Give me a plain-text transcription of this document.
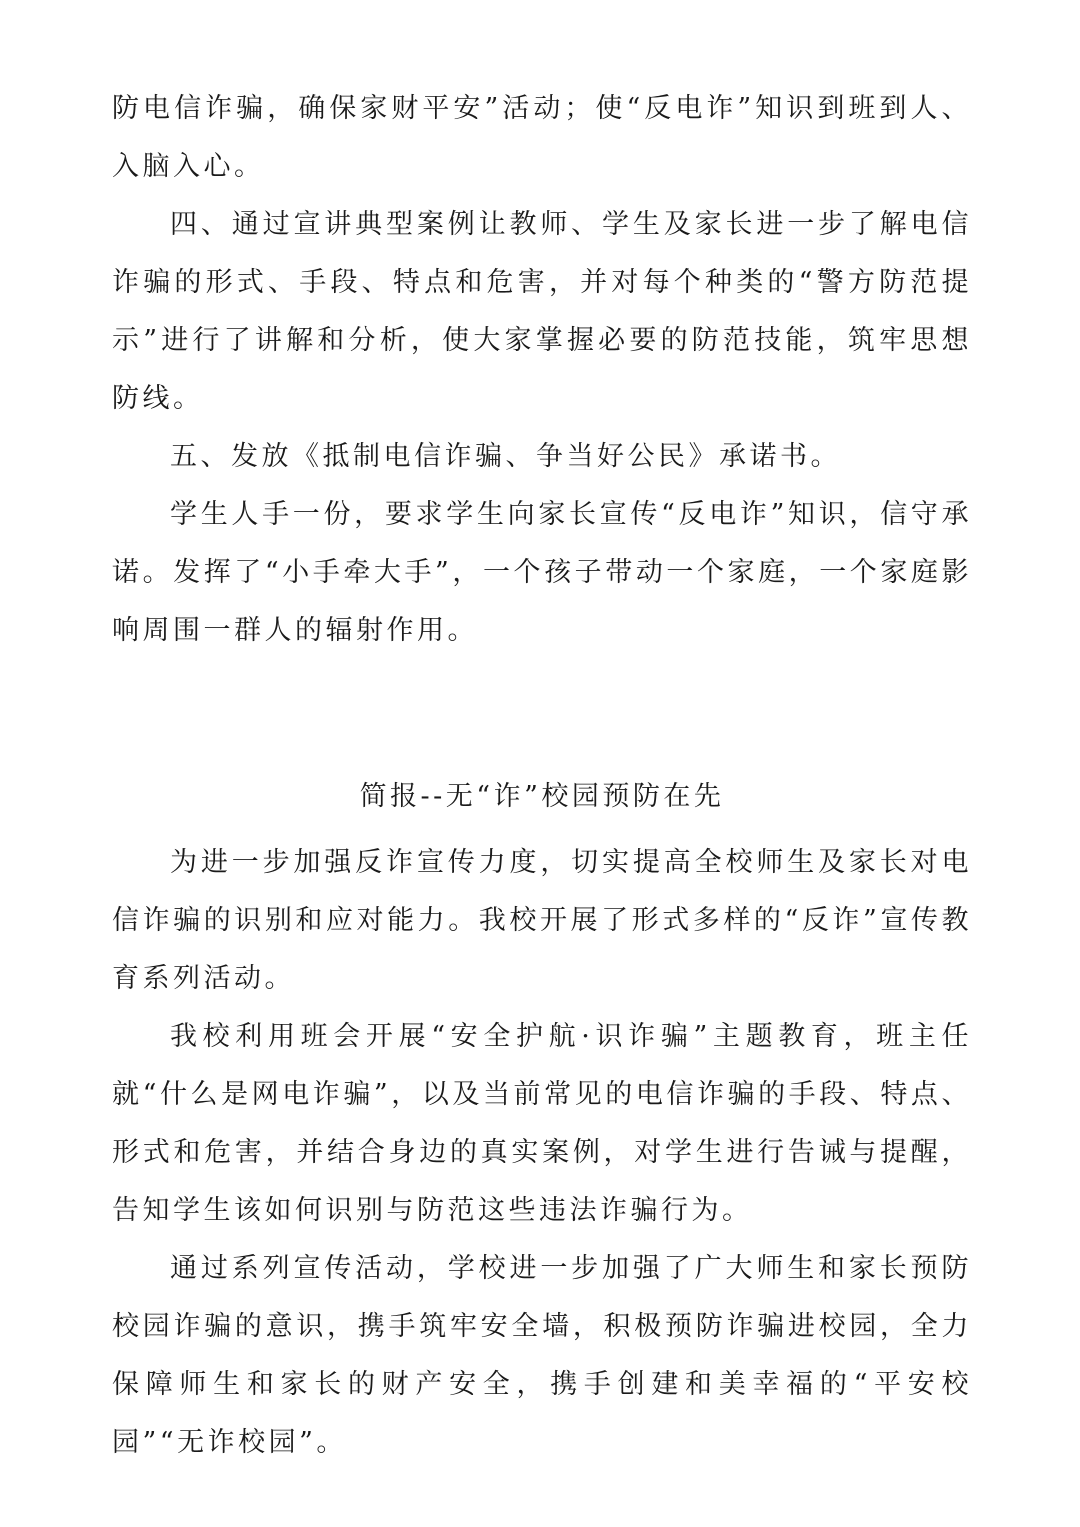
防电信诈骗，确保家财平安”活动；使“反电诈”知识到班到人、入脑入心。

四、通过宣讲典型案例让教师、学生及家长进一步了解电信诈骗的形式、手段、特点和危害，并对每个种类的“警方防范提示”进行了讲解和分析，使大家掌握必要的防范技能，筑牢思想防线。

五、发放《抵制电信诈骗、争当好公民》承诺书。

学生人手一份，要求学生向家长宣传“反电诈”知识，信守承诺。发挥了“小手牵大手”，一个孩子带动一个家庭，一个家庭影响周围一群人的辐射作用。

简报--无“诈”校园预防在先

为进一步加强反诈宣传力度，切实提高全校师生及家长对电信诈骗的识别和应对能力。我校开展了形式多样的“反诈”宣传教育系列活动。

我校利用班会开展“安全护航·识诈骗”主题教育，班主任就“什么是网电诈骗”，以及当前常见的电信诈骗的手段、特点、形式和危害，并结合身边的真实案例，对学生进行告诫与提醒，告知学生该如何识别与防范这些违法诈骗行为。

通过系列宣传活动，学校进一步加强了广大师生和家长预防校园诈骗的意识，携手筑牢安全墙，积极预防诈骗进校园，全力保障师生和家长的财产安全，携手创建和美幸福的“平安校园”“无诈校园”。
